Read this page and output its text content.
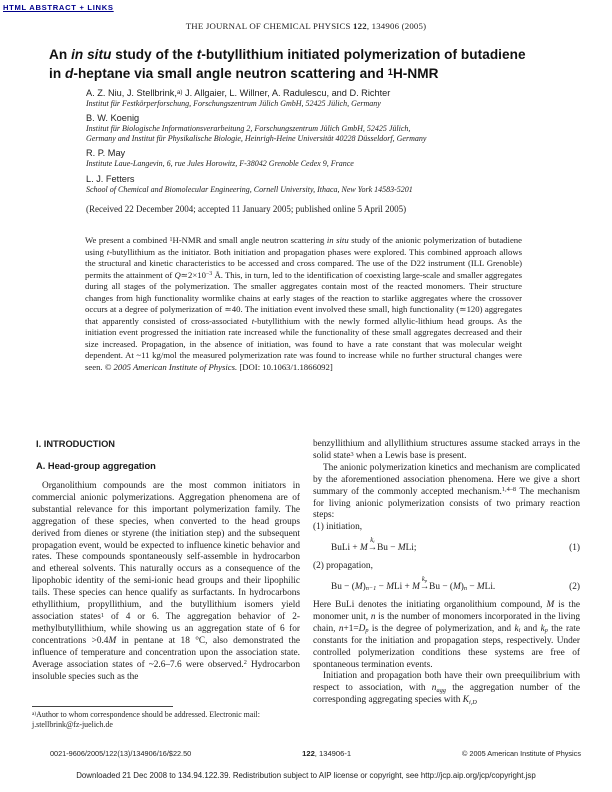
HTML ABSTRACT + LINKS
THE JOURNAL OF CHEMICAL PHYSICS 122, 134906 (2005)
An in situ study of the t-butyllithium initiated polymerization of butadiene
in d-heptane via small angle neutron scattering and $^1$H-NMR
A. Z. Niu, J. Stellbrink,$^{a)}$ J. Allgaier, L. Willner, A. Radulescu, and D. Richter
Institut für Festkörperforschung, Forschungszentrum Jülich GmbH, 52425 Jülich, Germany
B. W. Koenig
Institut für Biologische Informationsverarbeitung 2, Forschungszentrum Jülich GmbH, 52425 Jülich,
Germany and Institut für Physikalische Biologie, Heinrigh-Heine Universität 40228 Düsseldorf, Germany
R. P. May
Institute Laue-Langevin, 6, rue Jules Horowitz, F-38042 Grenoble Cedex 9, France
L. J. Fetters
School of Chemical and Biomolecular Engineering, Cornell University, Ithaca, New York 14583-5201
(Received 22 December 2004; accepted 11 January 2005; published online 5 April 2005)
We present a combined $^1$H-NMR and small angle neutron scattering in situ study of the anionic polymerization of butadiene using t-butyllithium as the initiator. Both initiation and propagation phases were explored. This combined approach allows the structural and kinetic characteristics to be accessed and cross compared. The use of the D22 instrument (ILL Grenoble) permits the attainment of $Q≃2\times 10^{-3}$ Å. This, in turn, led to the identification of coexisting large-scale and smaller aggregates during all stages of the polymerization. The smaller aggregates contain most of the reacted monomers. Their structure changes from high functionality wormlike chains at early stages of the reaction to starlike aggregates where the crossover occurs at a degree of polymerization of ≃40. The initiation event involved these small, high functionality (≃120) aggregates that apparently consisted of cross-associated t-butyllithium with the newly formed allylic-lithium head groups. As the initiation event progressed the initiation rate increased while the functionality of these small aggregates decreased and their size increased. Propagation, in the absence of initiation, was found to have a rate constant that was molecular weight dependent. At ~11 kg/mol the measured polymerization rate was found to increase while no further structural changes were seen. © 2005 American Institute of Physics. [DOI: 10.1063/1.1866092]
I. INTRODUCTION
A. Head-group aggregation

Organolithium compounds are the most common initiators in commercial anionic polymerizations. Aggregation phenomena are of substantial relevance for this important polymerization family. The aggregation of these species, when converted to the head groups derived from dienes or styrene (the initiation step) and the subsequent propagation event, would be expected to influence kinetic behavior and rates. These compounds spontaneously self-assemble in hydrocarbon and ethereal solvents. This naturally occurs as a consequence of the lipophobic identity of the semi-ionic head groups and their lipophilic tails. These species can hence qualify as surfactants. In hydrocarbons ethyllithium, propyllithium, and the butyllithium isomers yield association states$^1$ of 4 or 6. The aggregation behavior of 2-methylbutyllithium, while showing us an aggregation state of 6 for concentrations >0.4M in pentane at 18 °C, also demonstrated the influence of temperature and concentration upon the association state. Average association states of ~2.6–7.6 were observed.$^2$ Hydrocarbon insoluble species such as the

benzyllithium and allyllithium structures assume stacked arrays in the solid state$^3$ when a Lewis base is present.

The anionic polymerization kinetics and mechanism are complicated by the aforementioned association phenomena. Here we give a short summary of the commonly accepted mechanism.$^{1,4-8}$ The mechanism for living anionic polymerization consists of two primary reaction steps:

(1) initiation,

BuLi + M
ki
→ Bu − MLi;	(1)

(2) propagation,

Bu − (M)n−1 − MLi + M
kp
→ Bu − (M)n − MLi.	(2)

Here BuLi denotes the initiating organolithium compound, M is the monomer unit, n is the number of monomers incorporated in the living chain, n+1=Dp is the degree of polymerization, and ki and kp the rate constants for the initiation and propagation steps, respectively. Under controlled polymerization conditions these systems are free of spontaneous termination events.

Initiation and propagation both have their own preequilibrium with respect to association, with nagg the aggregation number of the corresponding aggregating species with Ki,D

$^{a)}$Author to whom correspondence should be addressed. Electronic mail: j.stellbrink@fz-juelich.de
0021-9606/2005/122(13)/134906/16/$22.50	122, 134906-1	© 2005 American Institute of Physics
Downloaded 21 Dec 2008 to 134.94.122.39. Redistribution subject to AIP license or copyright, see http://jcp.aip.org/jcp/copyright.jsp
